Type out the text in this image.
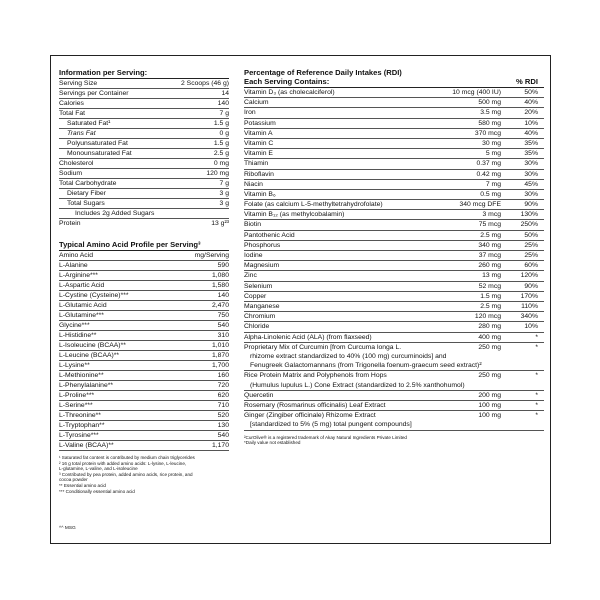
Information per Serving:
Serving Size	2 Scoops (46 g)
Servings per Container	14
Calories	140
Total Fat	7 g
Saturated Fat¹	1.5 g
Trans Fat	0 g
Polyunsaturated Fat	1.5 g
Monounsaturated Fat	2.5 g
Cholesterol	0 mg
Sodium	120 mg
Total Carbohydrate	7 g
Dietary Fiber	3 g
Total Sugars	3 g
Includes 2g Added Sugars
Protein	13 g²³
Typical Amino Acid Profile per Serving³
Amino Acid	mg/Serving
L-Alanine	590
L-Arginine***	1,080
L-Aspartic Acid	1,580
L-Cystine (Cysteine)***	140
L-Glutamic Acid	2,470
L-Glutamine***	750
Glycine***	540
L-Histidine**	310
L-Isoleucine (BCAA)**	1,010
L-Leucine (BCAA)**	1,870
L-Lysine**	1,700
L-Methionine**	160
L-Phenylalanine**	720
L-Proline***	620
L-Serine***	710
L-Threonine**	520
L-Tryptophan**	130
L-Tyrosine***	540
L-Valine (BCAA)**	1,170
¹ Saturated fat content is contributed by medium chain triglycerides
² 16 g total protein with added amino acids: L-lysine, L-leucine,
L-glutamine, L-valine, and L-isoleucine
³ Contributed by pea protein, added amino acids, rice protein, and
cocoa powder
** Essential amino acid
*** Conditionally essential amino acid
Percentage of Reference Daily Intakes (RDI)
Each Serving Contains:	% RDI
Vitamin D₃ (as cholecalciferol)	10 mcg (400 IU)	50%
Calcium	500 mg	40%
Iron	3.5 mg	20%
Potassium	580 mg	10%
Vitamin A	370 mcg	40%
Vitamin C	30 mg	35%
Vitamin E	5 mg	35%
Thiamin	0.37 mg	30%
Riboflavin	0.42 mg	30%
Niacin	7 mg	45%
Vitamin B₆	0.5 mg	30%
Folate (as calcium L-5-methyltetrahydrofolate)	340 mcg DFE	90%
Vitamin B₁₂ (as methylcobalamin)	3 mcg	130%
Biotin	75 mcg	250%
Pantothenic Acid	2.5 mg	50%
Phosphorus	340 mg	25%
Iodine	37 mcg	25%
Magnesium	260 mg	60%
Zinc	13 mg	120%
Selenium	52 mcg	90%
Copper	1.5 mg	170%
Manganese	2.5 mg	110%
Chromium	120 mcg	340%
Chloride	280 mg	10%
Alpha-Linolenic Acid (ALA) (from flaxseed)	400 mg	*
Proprietary Mix of Curcumin [from Curcuma longa L.
rhizome extract standardized to 40% (100 mg) curcuminoids] and
Fenugreek Galactomannans (from Trigonella foenum-graecum seed extract)²
250 mg	*
Rice Protein Matrix and Polyphenols from Hops
(Humulus lupulus L.) Cone Extract (standardized to 2.5% xanthohumol)
250 mg	*
Quercetin	200 mg	*
Rosemary (Rosmarinus officinalis) Leaf Extract	100 mg	*
Ginger (Zingiber officinale) Rhizome Extract
[standardized to 5% (5 mg) total pungent compounds]
100 mg	*
²CurOlive® is a registered trademark of Akay Natural Ingredients Private Limited
*Daily value not established
^^ MSG
